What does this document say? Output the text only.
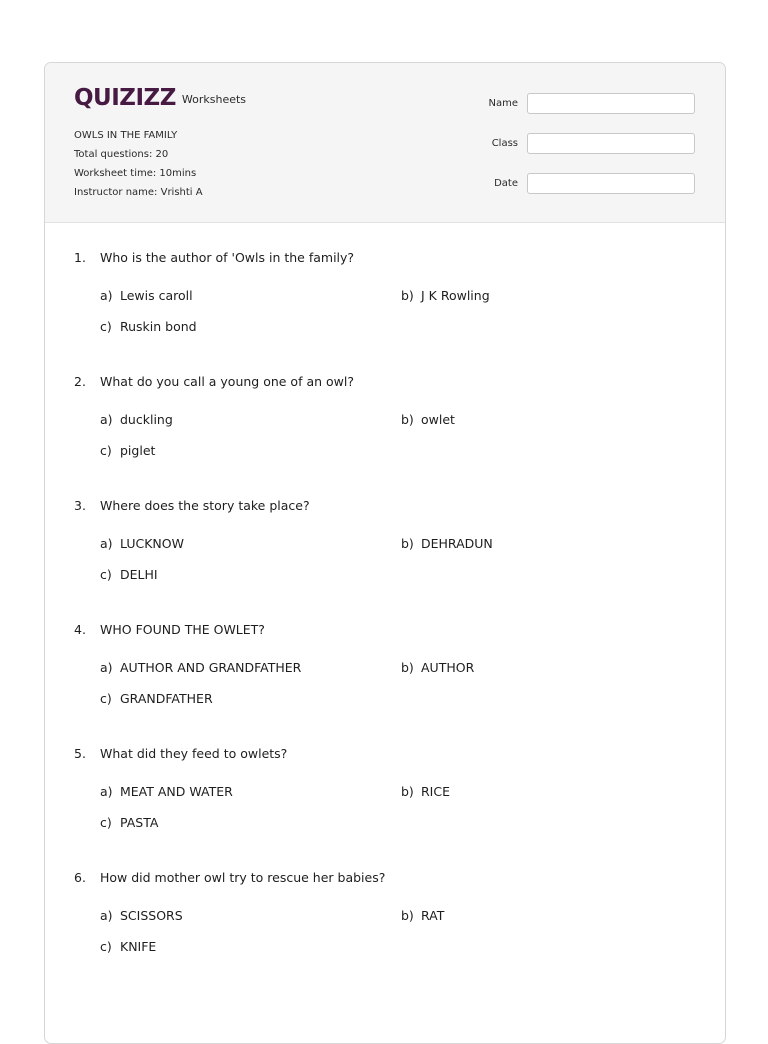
QUIZIZZ Worksheets
OWLS IN THE FAMILY
Total questions: 20
Worksheet time: 10mins
Instructor name: Vrishti A
Name
Class
Date
1.	Who is the author of 'Owls in the family?
a) Lewis caroll	b) J K Rowling
c) Ruskin bond
2.	What do you call a young one of an owl?
a) duckling	b) owlet
c) piglet
3.	Where does the story take place?
a) LUCKNOW	b) DEHRADUN
c) DELHI
4.	WHO FOUND THE OWLET?
a) AUTHOR AND GRANDFATHER	b) AUTHOR
c) GRANDFATHER
5.	What did they feed to owlets?
a) MEAT AND WATER	b) RICE
c) PASTA
6.	How did mother owl try to rescue her babies?
a) SCISSORS	b) RAT
c) KNIFE
